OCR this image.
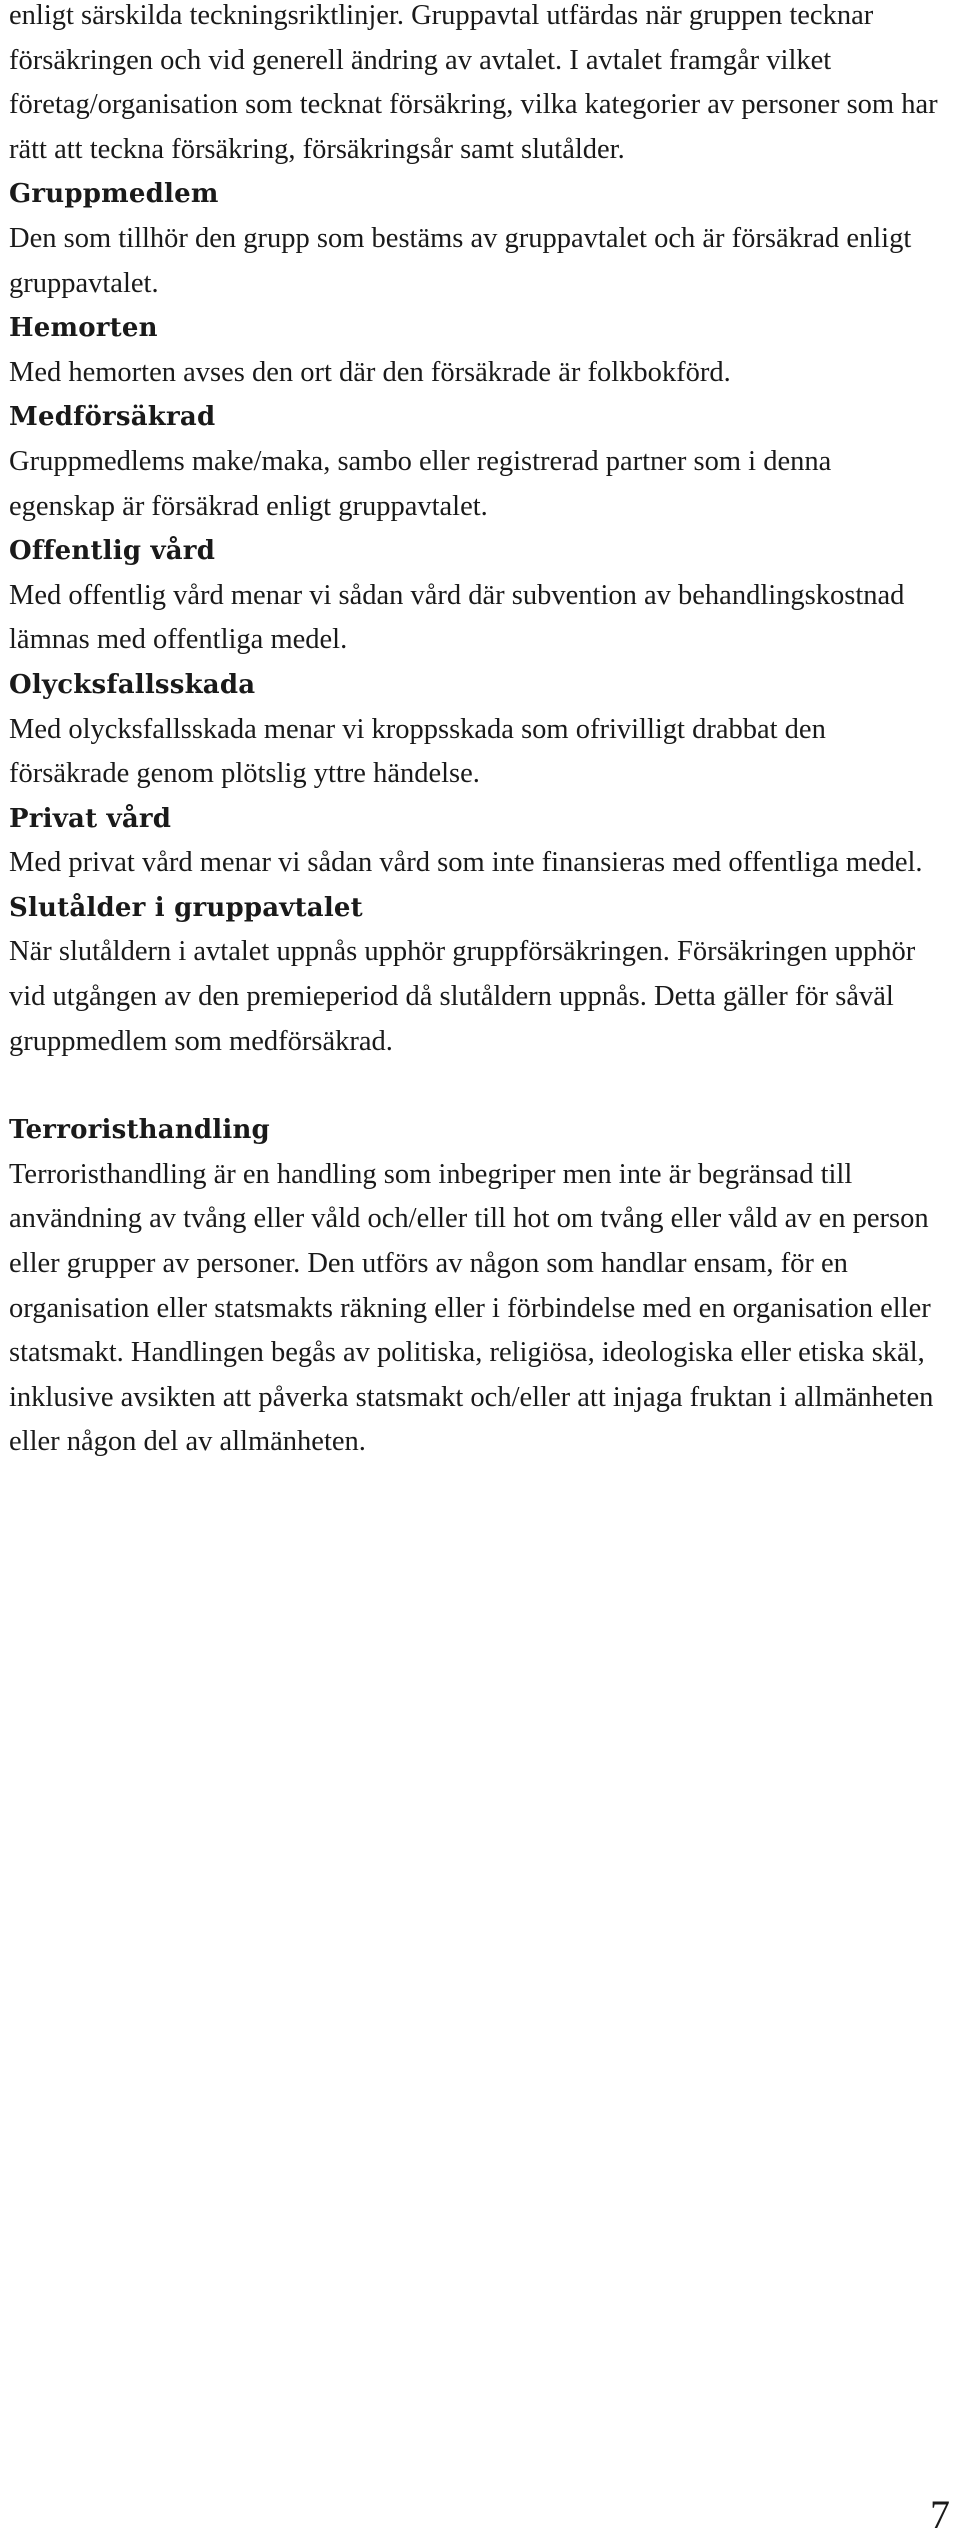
enligt särskilda teckningsriktlinjer. Gruppavtal utfärdas när gruppen tecknar försäkringen och vid generell ändring av avtalet. I avtalet framgår vilket företag/organisation som tecknat försäkring, vilka kategorier av personer som har rätt att teckna försäkring, försäkringsår samt slutålder.

Gruppmedlem
Den som tillhör den grupp som bestäms av gruppavtalet och är försäkrad enligt gruppavtalet.
Hemorten
Med hemorten avses den ort där den försäkrade är folkbokförd.
Medförsäkrad
Gruppmedlems make/maka, sambo eller registrerad partner som i denna egenskap är försäkrad enligt gruppavtalet.
Offentlig vård
Med offentlig vård menar vi sådan vård där subvention av behandlingskostnad lämnas med offentliga medel.
Olycksfallsskada
Med olycksfallsskada menar vi kroppsskada som ofrivilligt drabbat den försäkrade genom plötslig yttre händelse.
Privat vård
Med privat vård menar vi sådan vård som inte finansieras med offentliga medel.
Slutålder i gruppavtalet
När slutåldern i avtalet uppnås upphör gruppförsäkringen. Försäkringen upphör vid utgången av den premieperiod då slutåldern uppnås. Detta gäller för såväl gruppmedlem som medförsäkrad.
Terroristhandling
Terroristhandling är en handling som inbegriper men inte är begränsad till användning av tvång eller våld och/eller till hot om tvång eller våld av en person eller grupper av personer. Den utförs av någon som handlar ensam, för en organisation eller statsmakts räkning eller i förbindelse med en organisation eller statsmakt. Handlingen begås av politiska, religiösa, ideologiska eller etiska skäl, inklusive avsikten att påverka statsmakt och/eller att injaga fruktan i allmänheten eller någon del av allmänheten.
7
